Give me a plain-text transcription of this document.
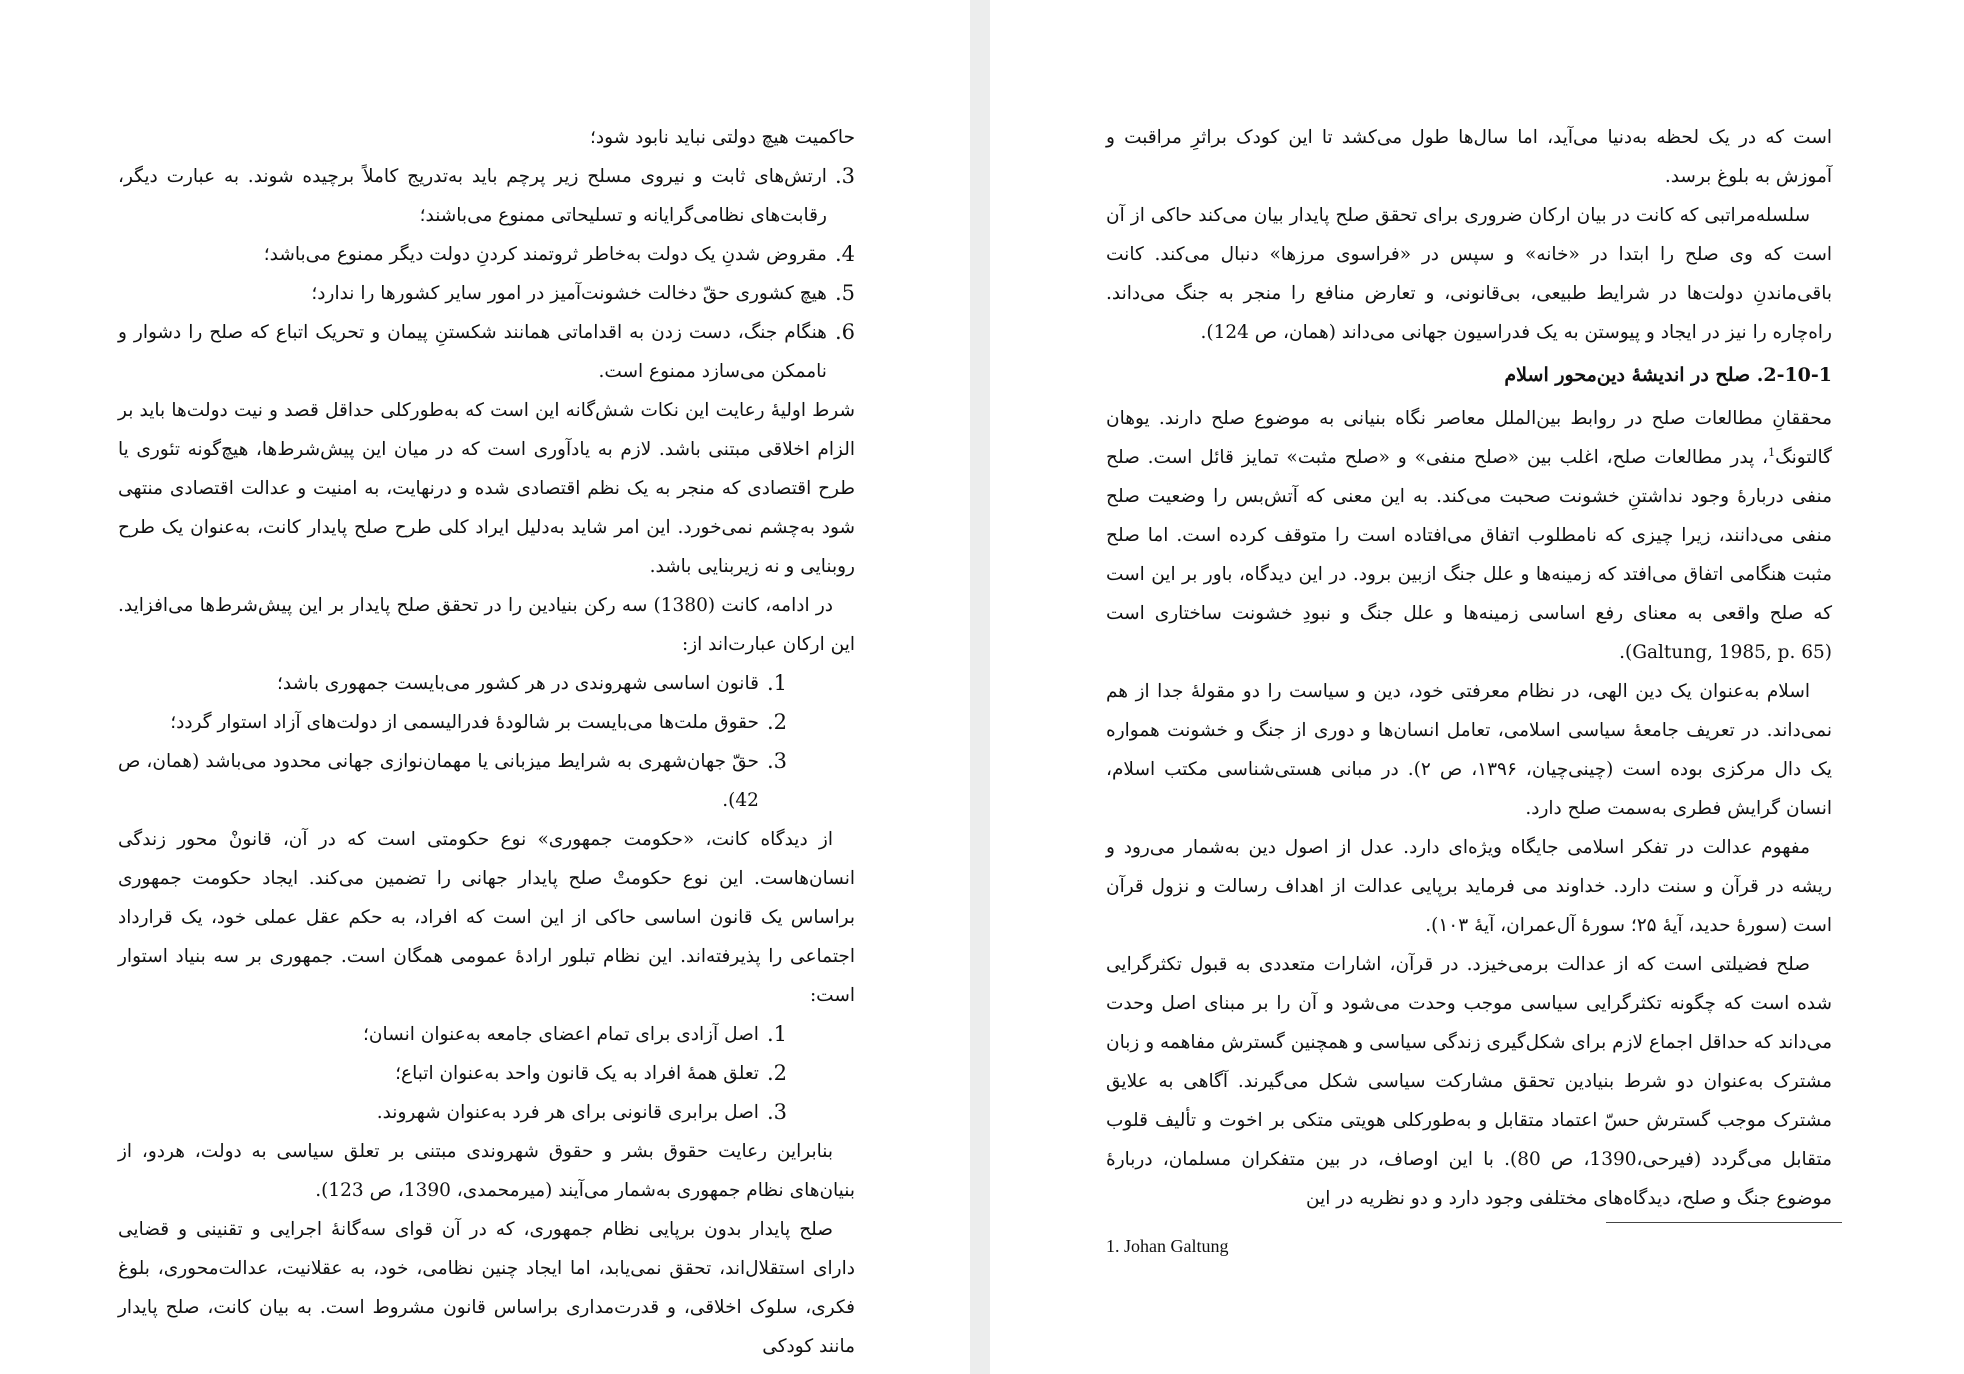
حاکمیت هیچ دولتی نباید نابود شود؛

3.
ارتش‌های ثابت و نیروی مسلح زیر پرچم باید به‌تدریج کاملاً برچیده شوند. به عبارت دیگر، رقابت‌های نظامی‌گرایانه و تسلیحاتی ممنوع می‌باشند؛
4.
مقروض شدنِ یک دولت به‌خاطر ثروتمند کردنِ دولت دیگر ممنوع می‌باشد؛
5.
هیچ کشوری حقّ دخالت خشونت‌آمیز در امور سایر کشورها را ندارد؛
6.
هنگام جنگ، دست زدن به اقداماتی همانند شکستنِ پیمان و تحریک اتباع که صلح را دشوار و ناممکن می‌سازد ممنوع است.

شرط اولیهٔ رعایت این نکات شش‌گانه این است که به‌طورکلی حداقل قصد و نیت دولت‌ها باید بر الزام اخلاقی مبتنی باشد. لازم به یادآوری است که در میان این پیش‌شرط‌ها، هیچ‌گونه تئوری یا طرح اقتصادی که منجر به یک نظم اقتصادی شده و درنهایت، به امنیت و عدالت اقتصادی منتهی شود به‌چشم نمی‌خورد. این امر شاید به‌دلیل ایراد کلی طرح صلح پایدار کانت، به‌عنوان یک طرح روبنایی و نه زیربنایی باشد.

در ادامه، کانت (1380) سه رکن بنیادین را در تحقق صلح پایدار بر این پیش‌شرط‌ها می‌افزاید. این ارکان عبارت‌اند از:

1.
قانون اساسی شهروندی در هر کشور می‌بایست جمهوری باشد؛
2.
حقوق ملت‌ها می‌بایست بر شالودهٔ فدرالیسمی از دولت‌های آزاد استوار گردد؛
3.
حقّ جهان‌شهری به شرایط میزبانی یا مهمان‌نوازی جهانی محدود می‌باشد (همان، ص 42).

از دیدگاه کانت، «حکومت جمهوری» نوع حکومتی است که در آن، قانونْ محور زندگی انسان‌هاست. این نوع حکومتْ صلح پایدار جهانی را تضمین می‌کند. ایجاد حکومت جمهوری براساس یک قانون اساسی حاکی از این است که افراد، به حکم عقل عملی خود، یک قرارداد اجتماعی را پذیرفته‌اند. این نظام تبلور ارادهٔ عمومی همگان است. جمهوری بر سه بنیاد استوار است:

1.
اصل آزادی برای تمام اعضای جامعه به‌عنوان انسان؛
2.
تعلق همهٔ افراد به یک قانون واحد به‌عنوان اتباع؛
3.
اصل برابری قانونی برای هر فرد به‌عنوان شهروند.

بنابراین رعایت حقوق بشر و حقوق شهروندی مبتنی بر تعلق سیاسی به دولت، هردو، از بنیان‌های نظام جمهوری به‌شمار می‌آیند (میرمحمدی، 1390، ص 123).

صلح پایدار بدون برپایی نظام جمهوری، که در آن قوای سه‌گانهٔ اجرایی و تقنینی و قضایی دارای استقلال‌اند، تحقق نمی‌یابد، اما ایجاد چنین نظامی، خود، به عقلانیت، عدالت‌محوری، بلوغ فکری، سلوک اخلاقی، و قدرت‌مداری براساس قانون مشروط است. به بیان کانت، صلح پایدار مانند کودکی

است که در یک لحظه به‌دنیا می‌آید، اما سال‌ها طول می‌کشد تا این کودک براثرِ مراقبت و آموزش به بلوغ برسد.

سلسله‌مراتبی که کانت در بیان ارکان ضروری برای تحقق صلح پایدار بیان می‌کند حاکی از آن است که وی صلح را ابتدا در «خانه» و سپس در «فراسوی مرزها» دنبال می‌کند. کانت باقی‌ماندنِ دولت‌ها در شرایط طبیعی، بی‌قانونی، و تعارض منافع را منجر به جنگ می‌داند. راه‌چاره را نیز در ایجاد و پیوستن به یک فدراسیون جهانی می‌داند (همان، ص 124).

2-10-1. صلح در اندیشهٔ دین‌محور اسلام

محققانِ مطالعات صلح در روابط بین‌الملل معاصر نگاه بنیانی به موضوع صلح دارند. یوهان گالتونگ$^1$، پدر مطالعات صلح، اغلب بین «صلح منفی» و «صلح مثبت» تمایز قائل است. صلح منفی دربارهٔ وجود نداشتنِ خشونت صحبت می‌کند. به این معنی که آتش‌بس را وضعیت صلح منفی می‌دانند، زیرا چیزی که نامطلوب اتفاق می‌افتاده است را متوقف کرده است. اما صلح مثبت هنگامی اتفاق می‌افتد که زمینه‌ها و علل جنگ ازبین برود. در این دیدگاه، باور بر این است که صلح واقعی به معنای رفع اساسی زمینه‌ها و علل جنگ و نبودِ خشونت ساختاری است (Galtung, 1985, p. 65).

اسلام به‌عنوان یک دین الهی، در نظام معرفتی خود، دین و سیاست را دو مقولهٔ جدا از هم نمی‌داند. در تعریف جامعهٔ سیاسی اسلامی، تعامل انسان‌ها و دوری از جنگ و خشونت همواره یک دال مرکزی بوده است (چینی‌چیان، ۱۳۹۶، ص ۲). در مبانی هستی‌شناسی مکتب اسلام، انسان گرایش فطری به‌سمت صلح دارد.

مفهوم عدالت در تفکر اسلامی جایگاه ویژه‌ای دارد. عدل از اصول دین به‌شمار می‌رود و ریشه در قرآن و سنت دارد. خداوند می فرماید برپایی عدالت از اهداف رسالت و نزول قرآن است (سورهٔ حدید، آیهٔ ۲۵؛ سورهٔ آل‌عمران، آیهٔ ۱۰۳).

صلح فضیلتی است که از عدالت برمی‌خیزد. در قرآن، اشارات متعددی به قبول تکثرگرایی شده است که چگونه تکثرگرایی سیاسی موجب وحدت می‌شود و آن را بر مبنای اصل وحدت می‌داند که حداقل اجماع لازم برای شکل‌گیری زندگی سیاسی و همچنین گسترش مفاهمه و زبان مشترک به‌عنوان دو شرط بنیادین تحقق مشارکت سیاسی شکل می‌گیرند. آگاهی به علایق مشترک موجب گسترش حسّ اعتماد متقابل و به‌طورکلی هویتی متکی بر اخوت و تألیف قلوب متقابل می‌گردد (فیرحی،1390، ص 80). با این اوصاف، در بین متفکران مسلمان، دربارهٔ موضوع جنگ و صلح، دیدگاه‌های مختلفی وجود دارد و دو نظریه در این

1. Johan Galtung
